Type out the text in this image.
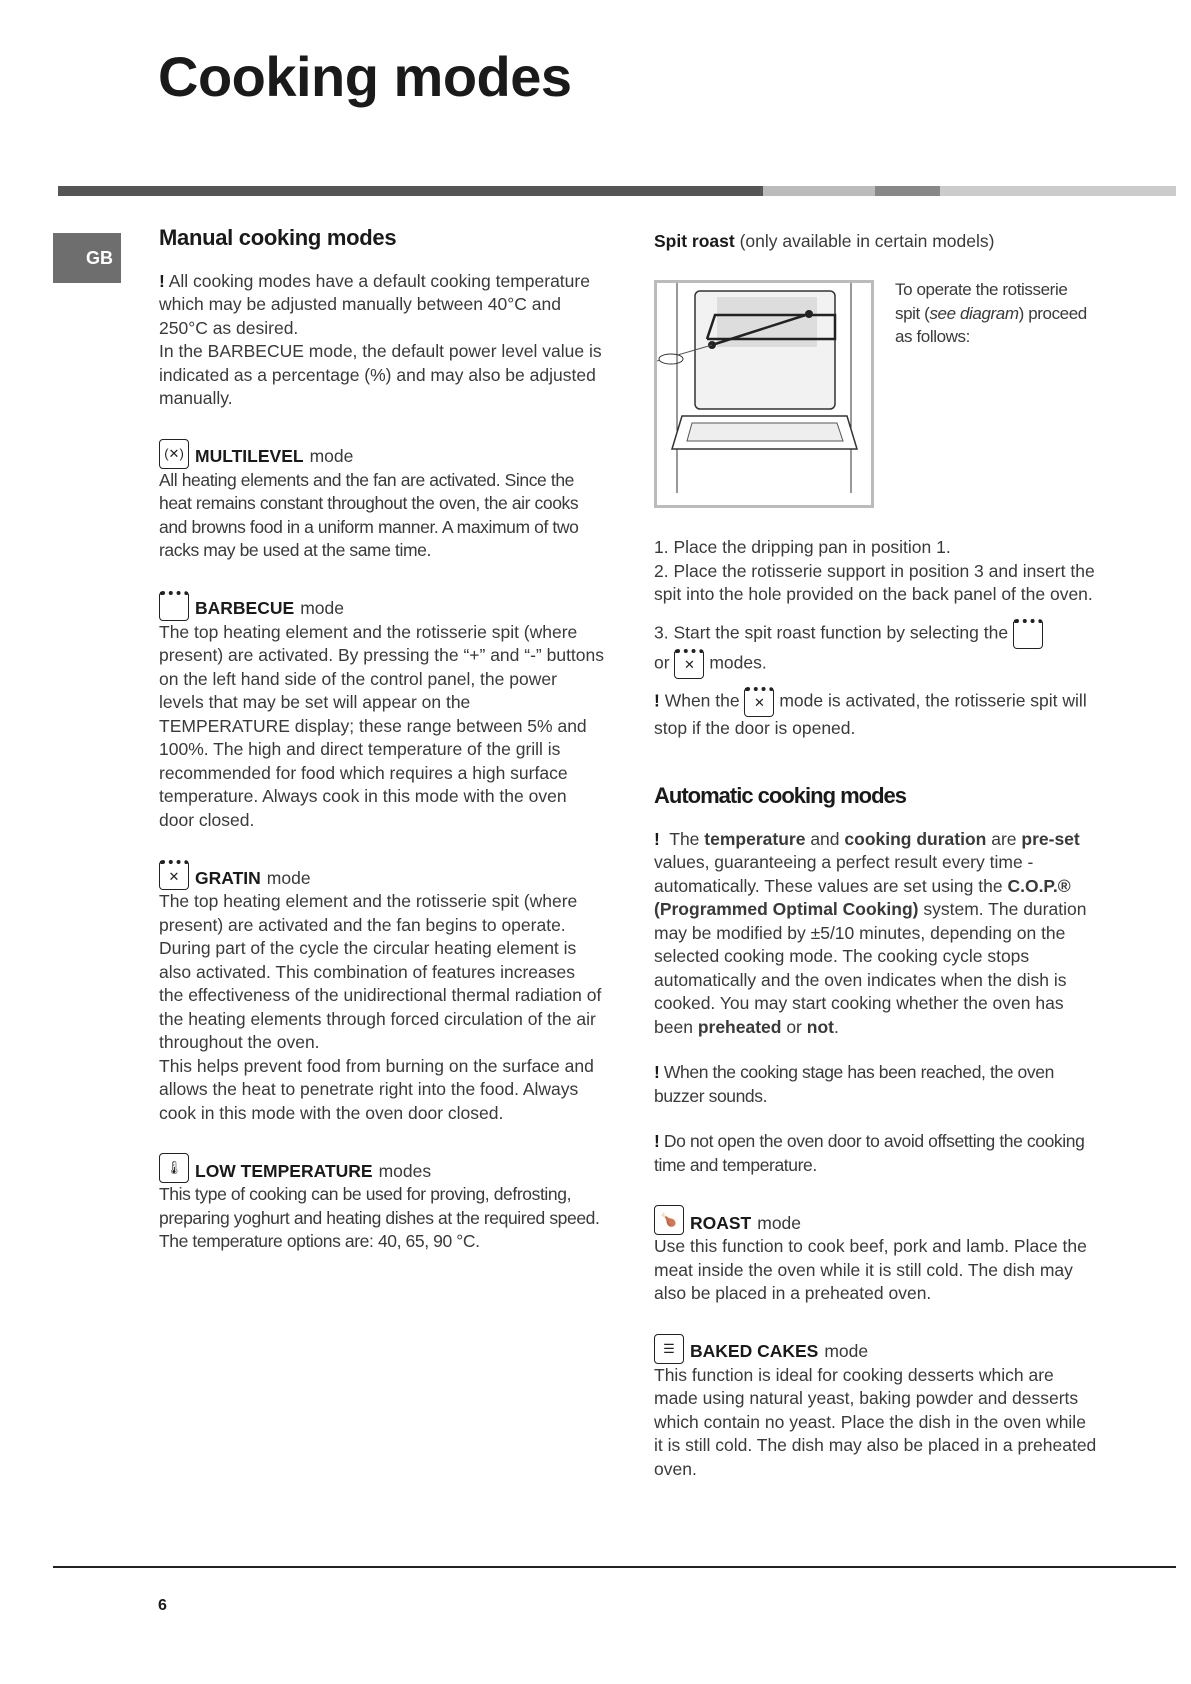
Cooking modes
GB
Manual cooking modes

! All cooking modes have a default cooking temperature which may be adjusted manually between 40°C and 250°C as desired.

In the BARBECUE mode, the default power level value is indicated as a percentage (%) and may also be adjusted manually.

(✕) MULTILEVEL mode

All heating elements and the fan are activated. Since the heat remains constant throughout the oven, the air cooks and browns food in a uniform manner. A maximum of two racks may be used at the same time.

BARBECUE mode

The top heating element and the rotisserie spit (where present) are activated. By pressing the “+” and “-” buttons on the left hand side of the control panel, the power levels that may be set will appear on the TEMPERATURE display; these range between 5% and 100%. The high and direct temperature of the grill is recommended for food which requires a high surface temperature. Always cook in this mode with the oven door closed.

✕ GRATIN mode

The top heating element and the rotisserie spit (where present) are activated and the fan begins to operate. During part of the cycle the circular heating element is also activated. This combination of features increases the effectiveness of the unidirectional thermal radiation of the heating elements through forced circulation of the air throughout the oven.

This helps prevent food from burning on the surface and allows the heat to penetrate right into the food. Always cook in this mode with the oven door closed.

🌡 LOW TEMPERATURE modes

This type of cooking can be used for proving, defrosting, preparing yoghurt and heating dishes at the required speed. The temperature options are: 40, 65, 90 °C.

Spit roast (only available in certain models)
To operate the rotisserie spit (see diagram) proceed as follows:

1. Place the dripping pan in position 1.

2. Place the rotisserie support in position 3 and insert the spit into the hole provided on the back panel of the oven.

3. Start the spit roast function by selecting the
or ✕ modes.

! When the ✕ mode is activated, the rotisserie spit will stop if the door is opened.

Automatic cooking modes

! The temperature and cooking duration are pre-set values, guaranteeing a perfect result every time - automatically. These values are set using the C.O.P.® (Programmed Optimal Cooking) system. The duration may be modified by ±5/10 minutes, depending on the selected cooking mode. The cooking cycle stops automatically and the oven indicates when the dish is cooked. You may start cooking whether the oven has been preheated or not.

! When the cooking stage has been reached, the oven buzzer sounds.

! Do not open the oven door to avoid offsetting the cooking time and temperature.

🍗 ROAST mode

Use this function to cook beef, pork and lamb. Place the meat inside the oven while it is still cold. The dish may also be placed in a preheated oven.

☰ BAKED CAKES mode

This function is ideal for cooking desserts which are made using natural yeast, baking powder and desserts which contain no yeast. Place the dish in the oven while it is still cold. The dish may also be placed in a preheated oven.

6
